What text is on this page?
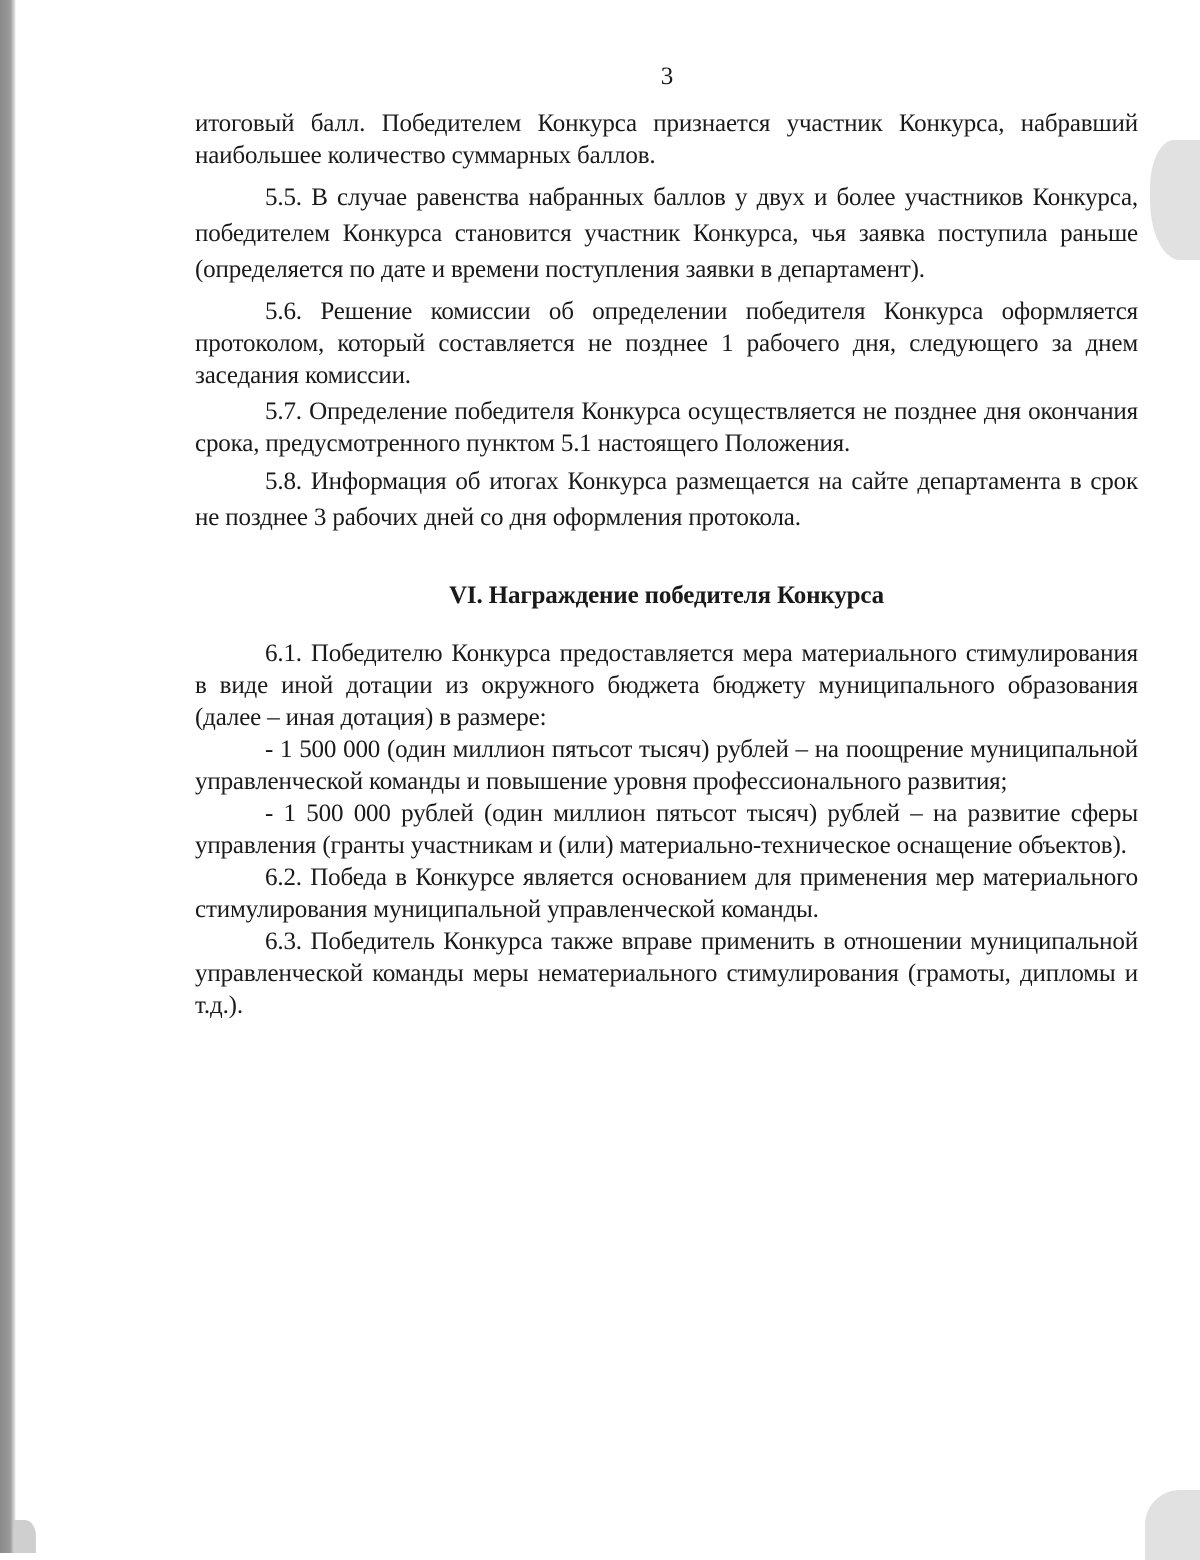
3

итоговый балл. Победителем Конкурса признается участник Конкурса, набравший наибольшее количество суммарных баллов.

5.5. В случае равенства набранных баллов у двух и более участников Конкурса, победителем Конкурса становится участник Конкурса, чья заявка поступила раньше (определяется по дате и времени поступления заявки в департамент).

5.6. Решение комиссии об определении победителя Конкурса оформляется протоколом, который составляется не позднее 1 рабочего дня, следующего за днем заседания комиссии.

5.7. Определение победителя Конкурса осуществляется не позднее дня окончания срока, предусмотренного пунктом 5.1 настоящего Положения.

5.8. Информация об итогах Конкурса размещается на сайте департамента в срок не позднее 3 рабочих дней со дня оформления протокола.

VI. Награждение победителя Конкурса

6.1. Победителю Конкурса предоставляется мера материального стимулирования в виде иной дотации из окружного бюджета бюджету муниципального образования (далее – иная дотация) в размере:

- 1 500 000 (один миллион пятьсот тысяч) рублей – на поощрение муниципальной управленческой команды и повышение уровня профессионального развития;

- 1 500 000 рублей (один миллион пятьсот тысяч) рублей – на развитие сферы управления (гранты участникам и (или) материально-техническое оснащение объектов).

6.2. Победа в Конкурсе является основанием для применения мер материального стимулирования муниципальной управленческой команды.

6.3. Победитель Конкурса также вправе применить в отношении муниципальной управленческой команды меры нематериального стимулирования (грамоты, дипломы и т.д.).
